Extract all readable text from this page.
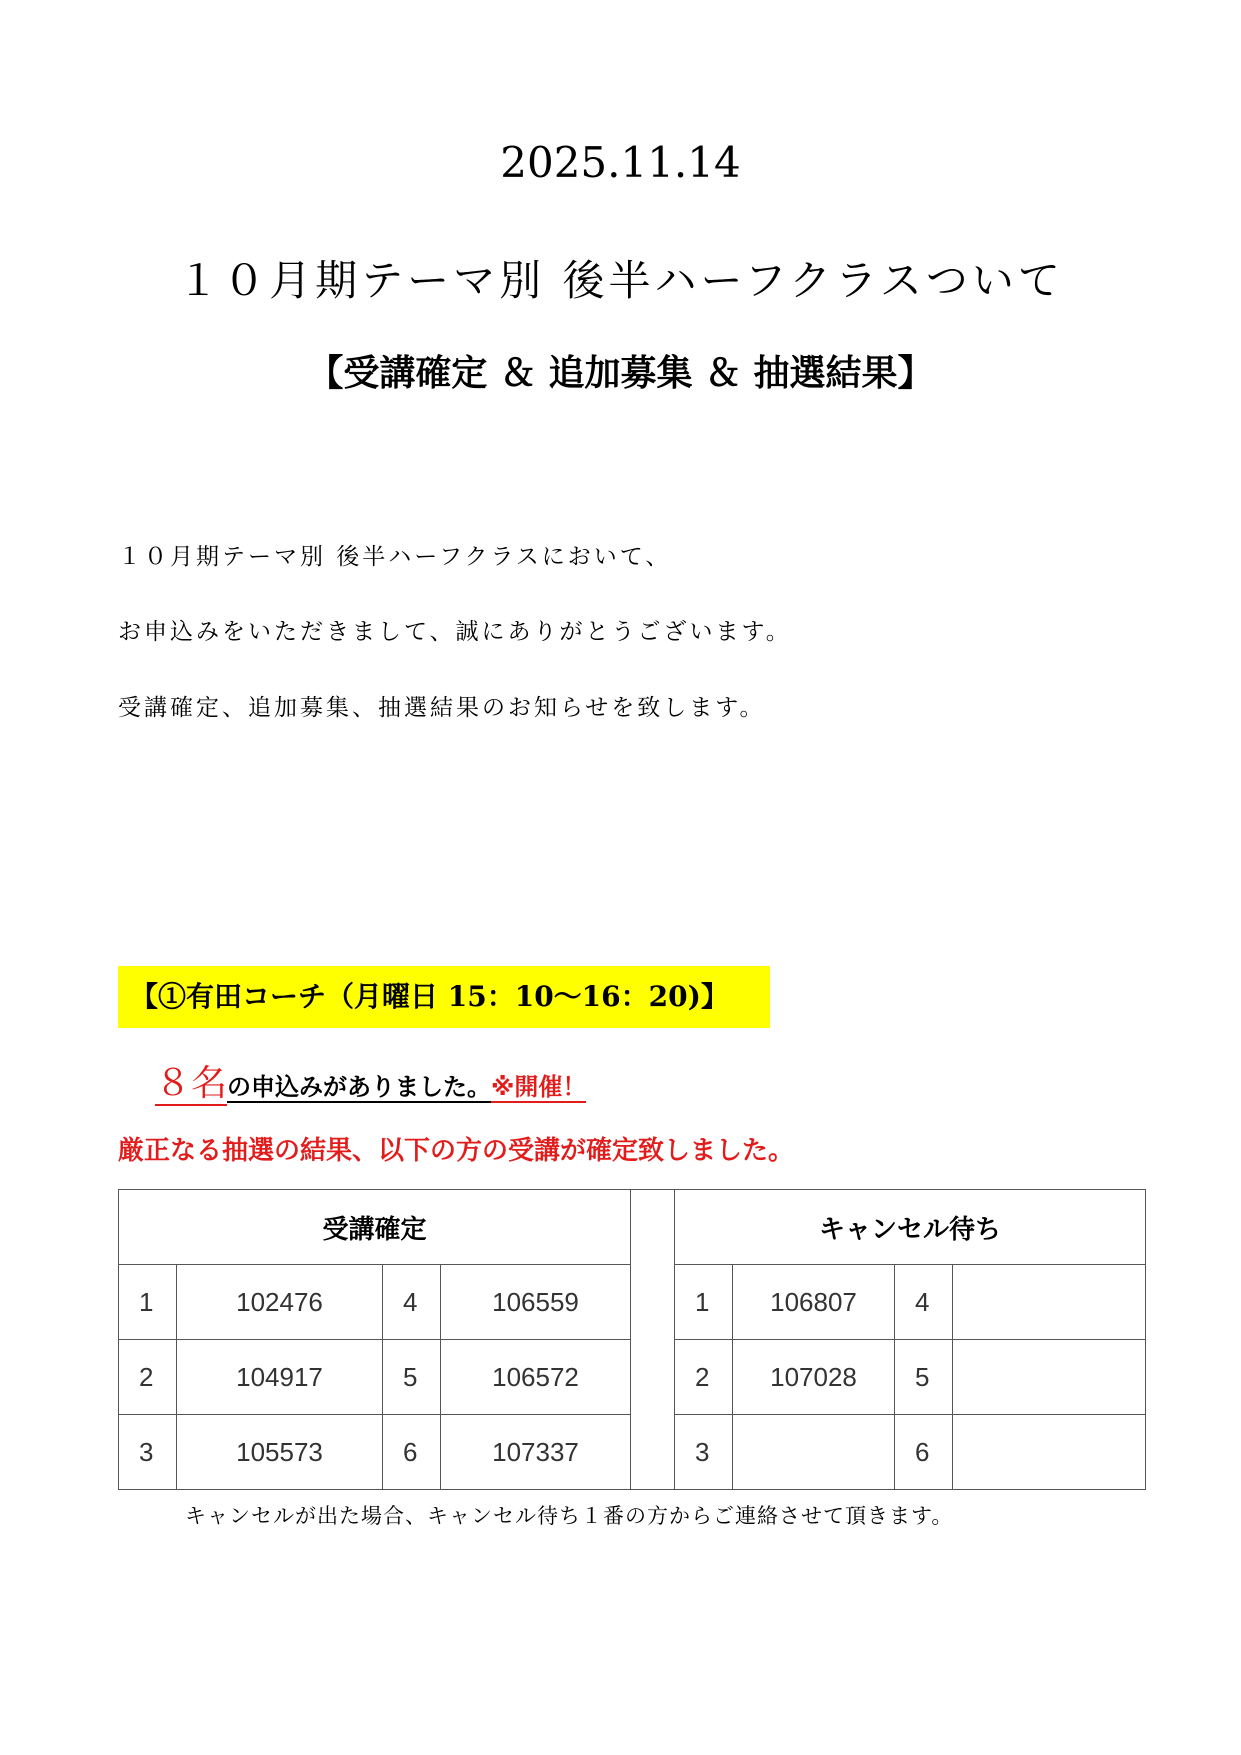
2025.11.14
１０月期テーマ別 後半ハーフクラスついて
【受講確定 ＆ 追加募集 ＆ 抽選結果】
１０月期テーマ別 後半ハーフクラスにおいて、
お申込みをいただきまして、誠にありがとうございます。
受講確定、追加募集、抽選結果のお知らせを致します。
【①有田コーチ（月曜日 15：10〜16：20)】
８名の申込みがありました。※開催！
厳正なる抽選の結果、以下の方の受講が確定致しました。
受講確定					キャンセル待ち			
1	102476	4	106559		1	106807	4	
2	104917	5	106572		2	107028	5	
3	105573	6	107337		3		6	
キャンセルが出た場合、キャンセル待ち１番の方からご連絡させて頂きます。
